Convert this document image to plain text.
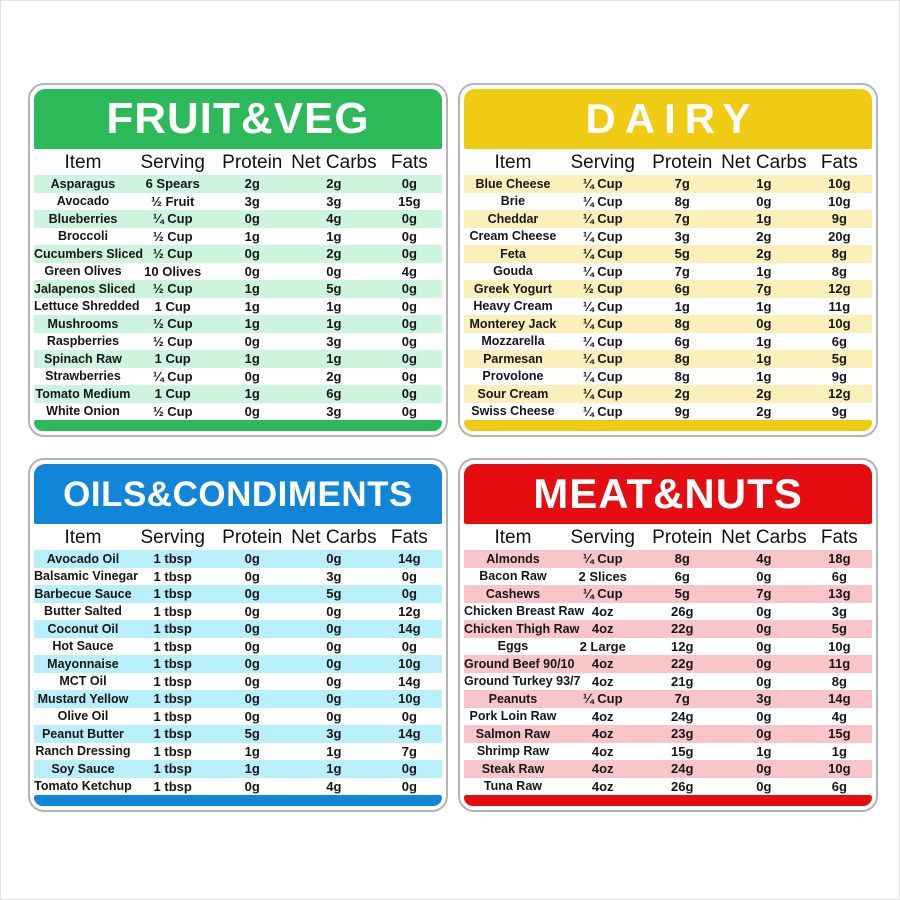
FRUIT&VEG
Item	Serving	Protein	Net Carbs	Fats
Asparagus	6 Spears	2g	2g	0g
Avocado	½ Fruit	3g	3g	15g
Blueberries	¼ Cup	0g	4g	0g
Broccoli	½ Cup	1g	1g	0g
Cucumbers Sliced	½ Cup	0g	2g	0g
Green Olives	10 Olives	0g	0g	4g
Jalapenos Sliced	½ Cup	1g	5g	0g
Lettuce Shredded	1 Cup	1g	1g	0g
Mushrooms	½ Cup	1g	1g	0g
Raspberries	½ Cup	0g	3g	0g
Spinach Raw	1 Cup	1g	1g	0g
Strawberries	¼ Cup	0g	2g	0g
Tomato Medium	1 Cup	1g	6g	0g
White Onion	½ Cup	0g	3g	0g
DAIRY
Item	Serving	Protein	Net Carbs	Fats
Blue Cheese	¼ Cup	7g	1g	10g
Brie	¼ Cup	8g	0g	10g
Cheddar	¼ Cup	7g	1g	9g
Cream Cheese	¼ Cup	3g	2g	20g
Feta	¼ Cup	5g	2g	8g
Gouda	¼ Cup	7g	1g	8g
Greek Yogurt	½ Cup	6g	7g	12g
Heavy Cream	¼ Cup	1g	1g	11g
Monterey Jack	¼ Cup	8g	0g	10g
Mozzarella	¼ Cup	6g	1g	6g
Parmesan	¼ Cup	8g	1g	5g
Provolone	¼ Cup	8g	1g	9g
Sour Cream	¼ Cup	2g	2g	12g
Swiss Cheese	¼ Cup	9g	2g	9g
OILS&CONDIMENTS
Item	Serving	Protein	Net Carbs	Fats
Avocado Oil	1 tbsp	0g	0g	14g
Balsamic Vinegar	1 tbsp	0g	3g	0g
Barbecue Sauce	1 tbsp	0g	5g	0g
Butter Salted	1 tbsp	0g	0g	12g
Coconut Oil	1 tbsp	0g	0g	14g
Hot Sauce	1 tbsp	0g	0g	0g
Mayonnaise	1 tbsp	0g	0g	10g
MCT Oil	1 tbsp	0g	0g	14g
Mustard Yellow	1 tbsp	0g	0g	10g
Olive Oil	1 tbsp	0g	0g	0g
Peanut Butter	1 tbsp	5g	3g	14g
Ranch Dressing	1 tbsp	1g	1g	7g
Soy Sauce	1 tbsp	1g	1g	0g
Tomato Ketchup	1 tbsp	0g	4g	0g
MEAT&NUTS
Item	Serving	Protein	Net Carbs	Fats
Almonds	¼ Cup	8g	4g	18g
Bacon Raw	2 Slices	6g	0g	6g
Cashews	¼ Cup	5g	7g	13g
Chicken Breast Raw	4oz	26g	0g	3g
Chicken Thigh Raw	4oz	22g	0g	5g
Eggs	2 Large	12g	0g	10g
Ground Beef 90/10	4oz	22g	0g	11g
Ground Turkey 93/7	4oz	21g	0g	8g
Peanuts	¼ Cup	7g	3g	14g
Pork Loin Raw	4oz	24g	0g	4g
Salmon Raw	4oz	23g	0g	15g
Shrimp Raw	4oz	15g	1g	1g
Steak Raw	4oz	24g	0g	10g
Tuna Raw	4oz	26g	0g	6g
